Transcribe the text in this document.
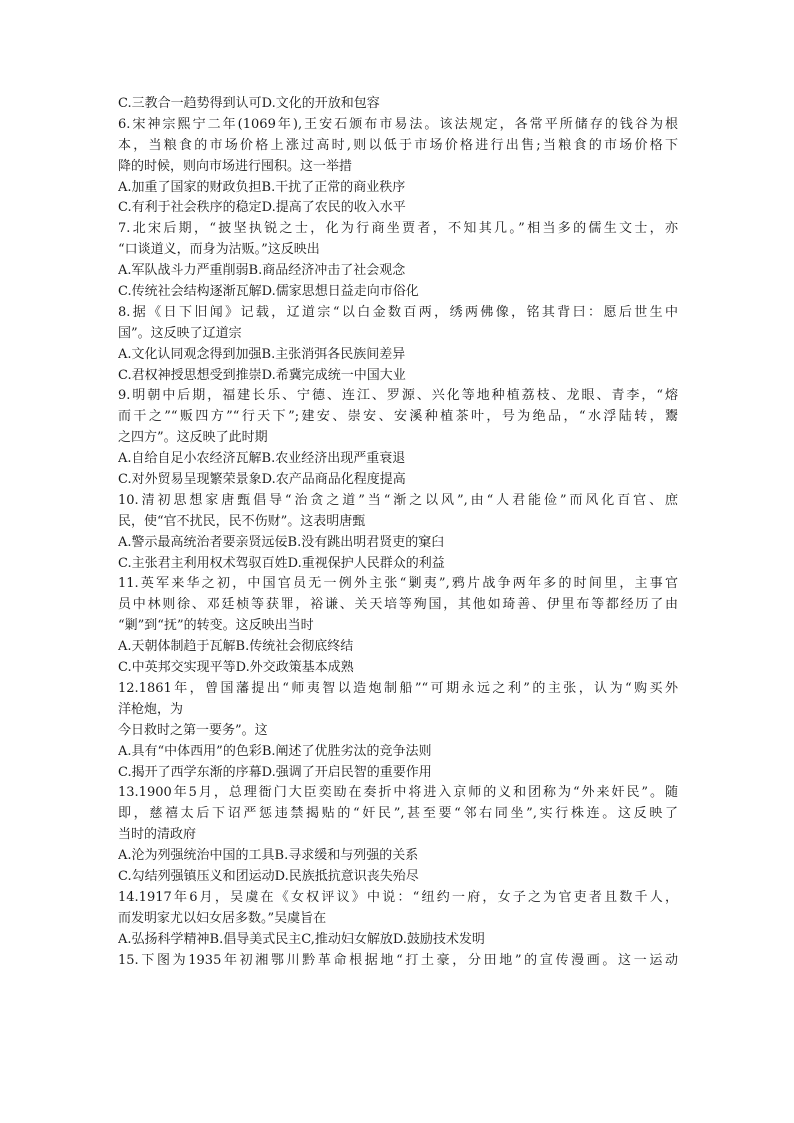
C.三教合一趋势得到认可D.文化的开放和包容
6.宋神宗熙宁二年(1069年),王安石颁布市易法。该法规定，各常平所储存的钱谷为根
本，当粮食的市场价格上涨过高时,则以低于市场价格进行出售;当粮食的市场价格下
降的时候，则向市场进行囤积。这一举措
A.加重了国家的财政负担B.干扰了正常的商业秩序
C.有利于社会秩序的稳定D.提高了农民的收入水平
7.北宋后期，“披坚执锐之士，化为行商坐贾者，不知其几。”相当多的儒生文士，亦
“口谈道义，而身为沽贩。”这反映出
A.军队战斗力严重削弱B.商品经济冲击了社会观念
C.传统社会结构逐渐瓦解D.儒家思想日益走向市俗化
8.据《日下旧闻》记载，辽道宗“以白金数百两，绣两佛像，铭其背曰：愿后世生中
国”。这反映了辽道宗
A.文化认同观念得到加强B.主张消弭各民族间差异
C.君权神授思想受到推崇D.希冀完成统一中国大业
9.明朝中后期，福建长乐、宁德、连江、罗源、兴化等地种植荔枝、龙眼、青李，“熔
而干之”“贩四方”“行天下”;建安、崇安、安溪种植茶叶，号为绝品，“水浮陆转，鬻
之四方”。这反映了此时期
A.自给自足小农经济瓦解B.农业经济出现严重衰退
C.对外贸易呈现繁荣景象D.农产品商品化程度提高
10.清初思想家唐甄倡导“治贪之道”当“渐之以风”,由“人君能俭”而风化百官、庶
民，使“官不扰民，民不伤财”。这表明唐甄
A.警示最高统治者要亲贤远佞B.没有跳出明君贤吏的窠臼
C.主张君主利用权术驾驭百姓D.重视保护人民群众的利益
11.英军来华之初，中国官员无一例外主张“剿夷”,鸦片战争两年多的时间里，主事官
员中林则徐、邓廷桢等获罪，裕谦、关天培等殉国，其他如琦善、伊里布等都经历了由
“剿”到“抚”的转变。这反映出当时
A.天朝体制趋于瓦解B.传统社会彻底终结
C.中英邦交实现平等D.外交政策基本成熟
12.1861年，曾国藩提出“师夷智以造炮制船”“可期永远之利”的主张，认为“购买外
洋枪炮，为
今日救时之第一要务”。这
A.具有“中体西用”的色彩B.阐述了优胜劣汰的竞争法则
C.揭开了西学东渐的序幕D.强调了开启民智的重要作用
13.1900年5月，总理衙门大臣奕劻在奏折中将进入京师的义和团称为“外来奸民”。随
即，慈禧太后下诏严惩违禁揭贴的“奸民”,甚至要“邻右同坐”,实行株连。这反映了
当时的清政府
A.沦为列强统治中国的工具B.寻求缓和与列强的关系
C.勾结列强镇压义和团运动D.民族抵抗意识丧失殆尽
14.1917年6月，吴虞在《女权评议》中说：“纽约一府，女子之为官吏者且数千人，
而发明家尤以妇女居多数。”吴虞旨在
A.弘扬科学精神B.倡导美式民主C,推动妇女解放D.鼓励技术发明
15.下图为1935年初湘鄂川黔革命根据地“打土豪，分田地”的宣传漫画。这一运动
